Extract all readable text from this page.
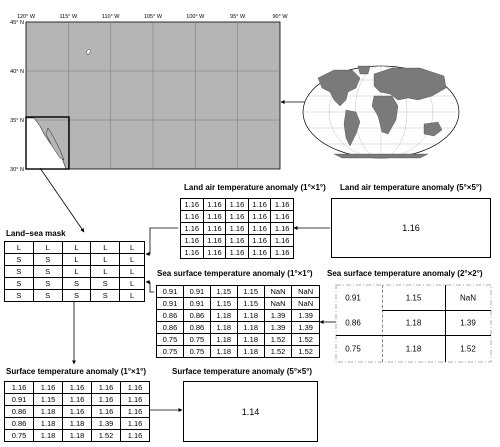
120° W	115° W	110° W	105° W	100° W	95° W	90° W
45° N
40° N
35° N
30° N
Land air temperature anomaly (1°×1°)
1.16	1.16	1.16	1.16	1.16
1.16	1.16	1.16	1.16	1.16
1.16	1.16	1.16	1.16	1.16
1.16	1.16	1.16	1.16	1.16
1.16	1.16	1.16	1.16	1.16
Land air temperature anomaly (5°×5°)
1.16
Land–sea mask
L	L	L	L	L
S	S	L	L	L
S	S	L	L	L
S	S	S	S	L
S	S	S	S	L
Sea surface temperature anomaly (1°×1°)
0.91	0.91	1.15	1.15	NaN	NaN
0.91	0.91	1.15	1.15	NaN	NaN
0.86	0.86	1.18	1.18	1.39	1.39
0.86	0.86	1.18	1.18	1.39	1.39
0.75	0.75	1.18	1.18	1.52	1.52
0.75	0.75	1.18	1.18	1.52	1.52
Sea surface temperature anomaly (2°×2°)
0.91	1.15	NaN
0.86	1.18	1.39
0.75	1.18	1.52
Surface temperature anomaly (1°×1°)
1.16	1.16	1.16	1.16	1.16
0.91	1.15	1.16	1.16	1.16
0.86	1.18	1.16	1.16	1.16
0.86	1.18	1.18	1.39	1.16
0.75	1.18	1.18	1.52	1.16
Surface temperature anomaly (5°×5°)
1.14
